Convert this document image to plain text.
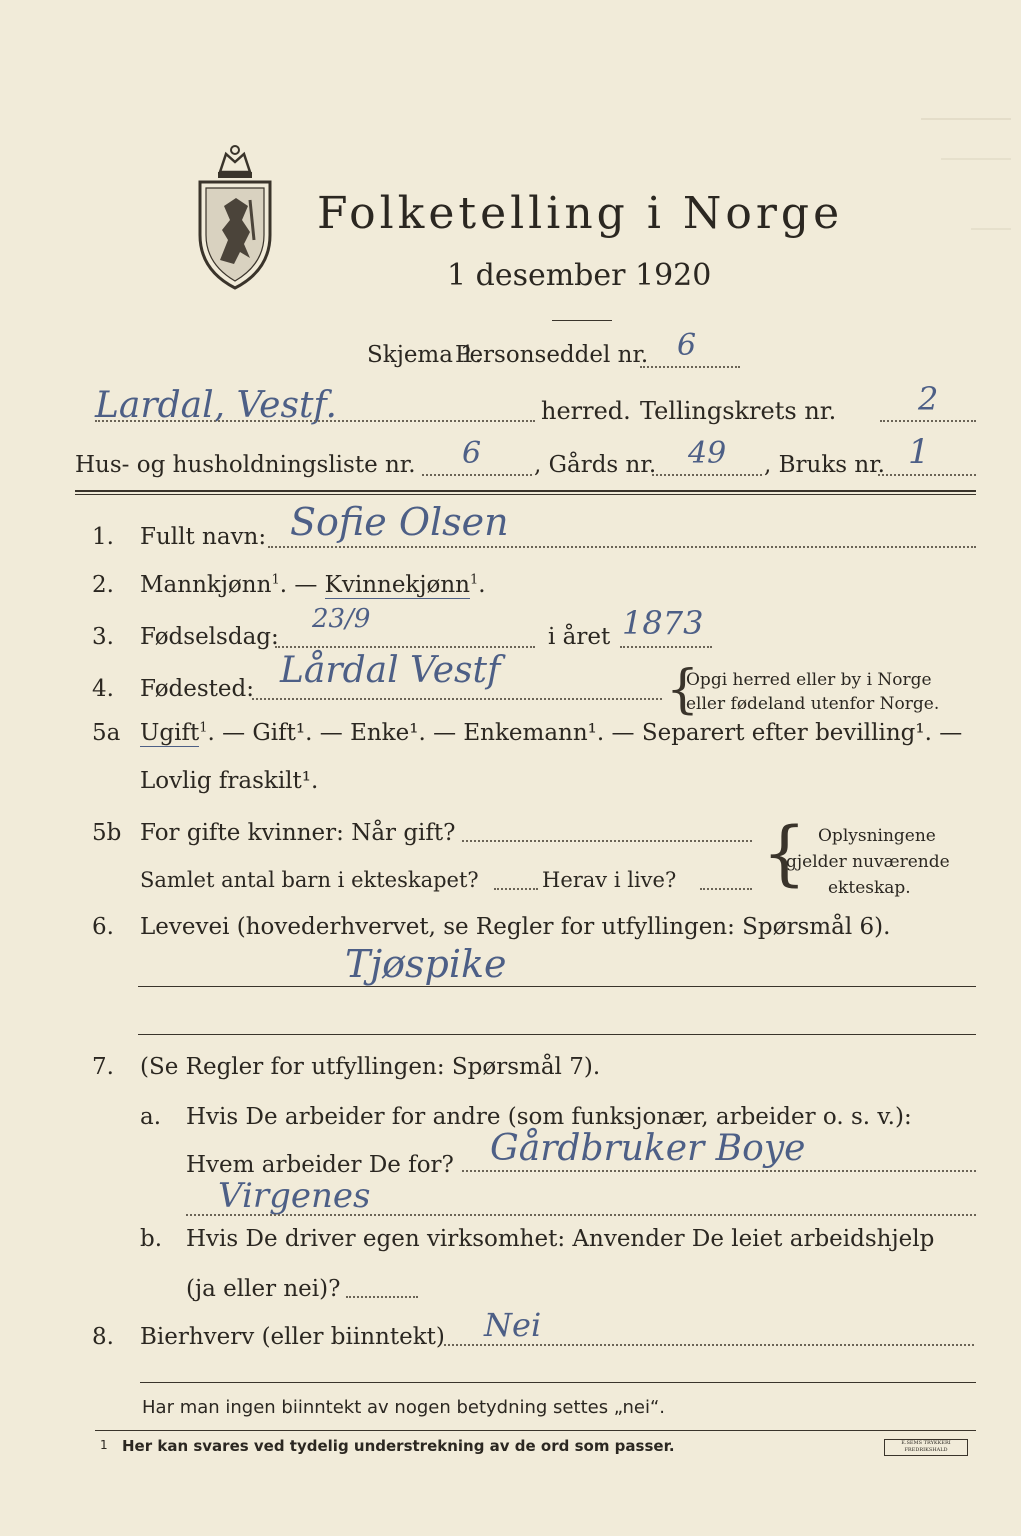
Folketelling i Norge
1 desember 1920
Skjema 1.
Personseddel nr. 6
Lardal, Vestf.	herred. Tellingskrets nr.	2
Hus- og husholdningsliste nr. 6 , Gårds nr. 49 , Bruks nr. 1
1. Fullt navn: Sofie Olsen
2. Mannkjønn$^1$. — Kvinnekjønn$^1$.
3. Fødselsdag:
23/9
i året 1873
4. Fødested: Lårdal Vestf	{
Opgi herred eller by i Norge
eller fødeland utenfor Norge.
5a Ugift$^1$. — Gift¹. — Enke¹. — Enkemann¹. — Separert efter bevilling¹. —
Lovlig fraskilt¹.
5b For gifte kvinner: Når gift?
Samlet antal barn i ekteskapet?	Herav i live? { Oplysningene
gjelder nuværende
ekteskap.
6. Levevei (hovederhvervet, se Regler for utfyllingen: Spørsmål 6).
Tjøspike
7. (Se Regler for utfyllingen: Spørsmål 7).
a. Hvis De arbeider for andre (som funksjonær, arbeider o. s. v.):
Hvem arbeider De for? Gårdbruker Boye
Virgenes
b. Hvis De driver egen virksomhet: Anvender De leiet arbeidshjelp
(ja eller nei)?
8. Bierhverv (eller biinntekt) Nei
Har man ingen biinntekt av nogen betydning settes „nei“.
1 Her kan svares ved tydelig understrekning av de ord som passer.	E.SEMS TRYKKERI FREDRIKSHALD
